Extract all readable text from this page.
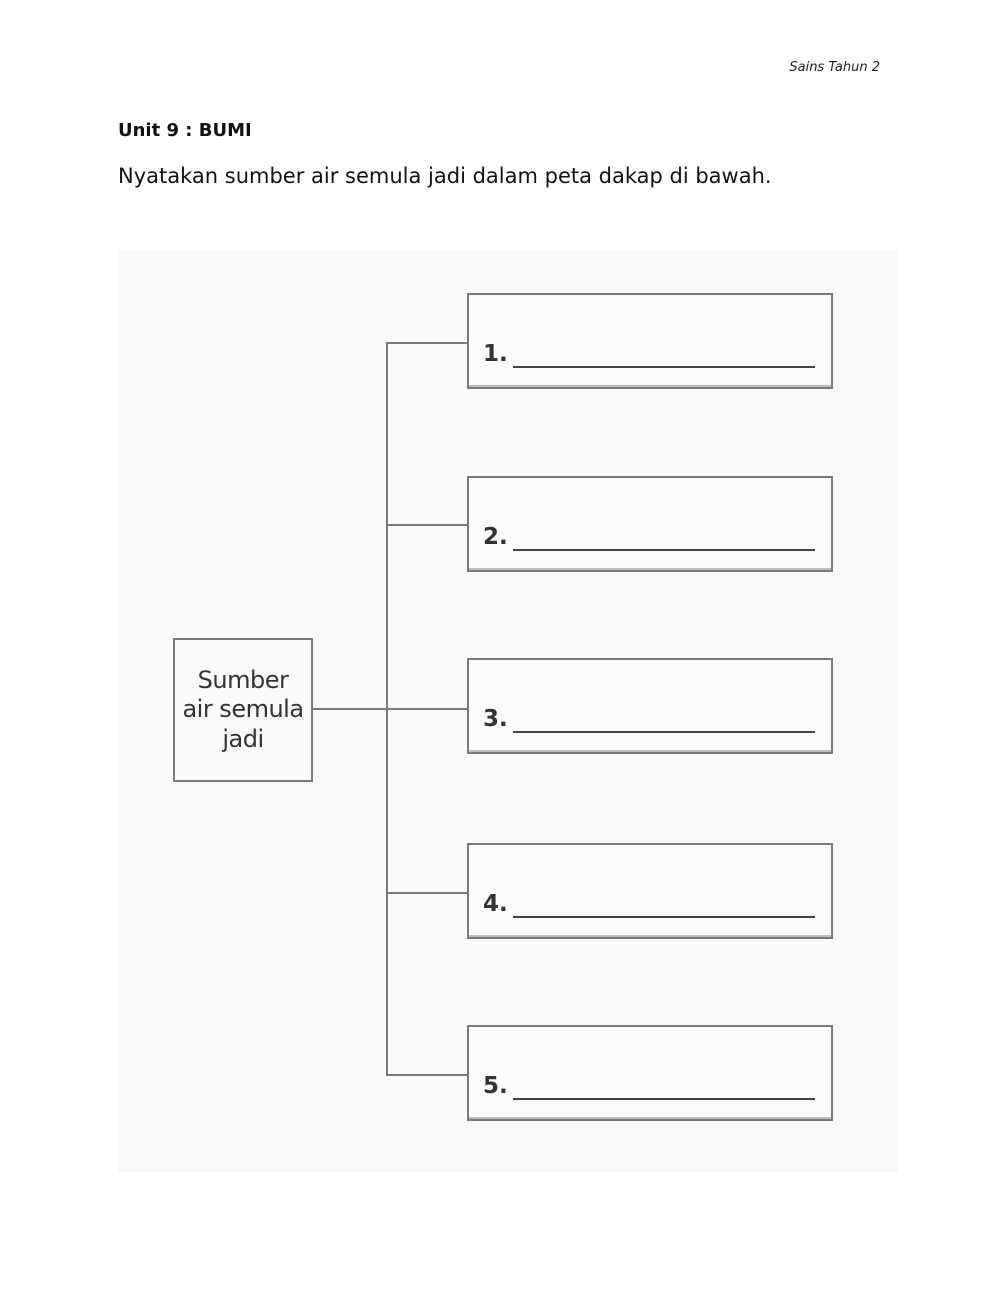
Sains Tahun 2
Unit 9 : BUMI
Nyatakan sumber air semula jadi dalam peta dakap di bawah.
Sumber
air semula
jadi
1.
2.
3.
4.
5.
